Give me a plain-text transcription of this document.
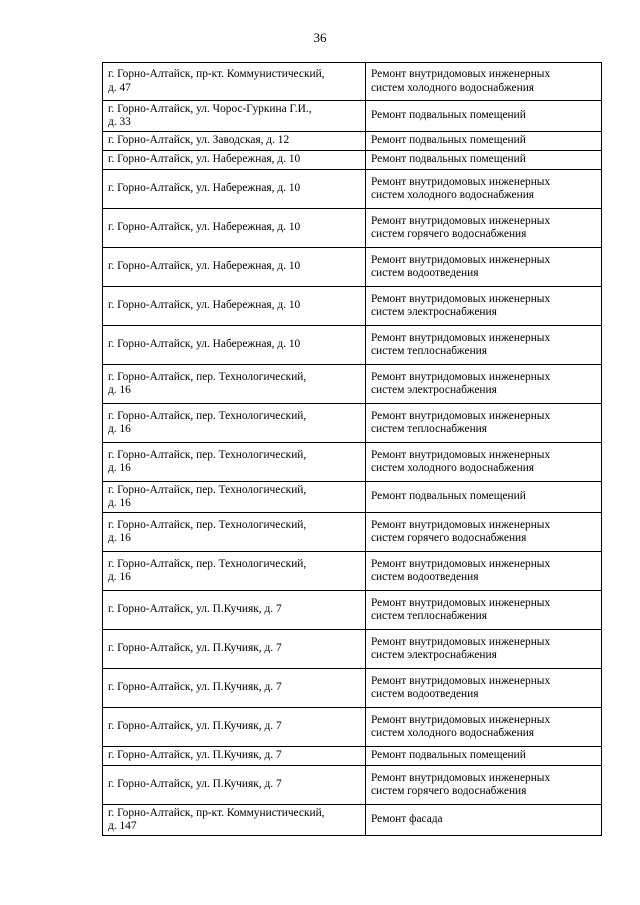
36
г. Горно-Алтайск, пр-кт. Коммунистический,
д. 47	Ремонт внутридомовых инженерных
систем холодного водоснабжения
г. Горно-Алтайск, ул. Чорос-Гуркина Г.И.,
д. 33	Ремонт подвальных помещений
г. Горно-Алтайск, ул. Заводская, д. 12	Ремонт подвальных помещений
г. Горно-Алтайск, ул. Набережная, д. 10	Ремонт подвальных помещений
г. Горно-Алтайск, ул. Набережная, д. 10	Ремонт внутридомовых инженерных
систем холодного водоснабжения
г. Горно-Алтайск, ул. Набережная, д. 10	Ремонт внутридомовых инженерных
систем горячего водоснабжения
г. Горно-Алтайск, ул. Набережная, д. 10	Ремонт внутридомовых инженерных
систем водоотведения
г. Горно-Алтайск, ул. Набережная, д. 10	Ремонт внутридомовых инженерных
систем электроснабжения
г. Горно-Алтайск, ул. Набережная, д. 10	Ремонт внутридомовых инженерных
систем теплоснабжения
г. Горно-Алтайск, пер. Технологический,
д. 16	Ремонт внутридомовых инженерных
систем электроснабжения
г. Горно-Алтайск, пер. Технологический,
д. 16	Ремонт внутридомовых инженерных
систем теплоснабжения
г. Горно-Алтайск, пер. Технологический,
д. 16	Ремонт внутридомовых инженерных
систем холодного водоснабжения
г. Горно-Алтайск, пер. Технологический,
д. 16	Ремонт подвальных помещений
г. Горно-Алтайск, пер. Технологический,
д. 16	Ремонт внутридомовых инженерных
систем горячего водоснабжения
г. Горно-Алтайск, пер. Технологический,
д. 16	Ремонт внутридомовых инженерных
систем водоотведения
г. Горно-Алтайск, ул. П.Кучияк, д. 7	Ремонт внутридомовых инженерных
систем теплоснабжения
г. Горно-Алтайск, ул. П.Кучияк, д. 7	Ремонт внутридомовых инженерных
систем электроснабжения
г. Горно-Алтайск, ул. П.Кучияк, д. 7	Ремонт внутридомовых инженерных
систем водоотведения
г. Горно-Алтайск, ул. П.Кучияк, д. 7	Ремонт внутридомовых инженерных
систем холодного водоснабжения
г. Горно-Алтайск, ул. П.Кучияк, д. 7	Ремонт подвальных помещений
г. Горно-Алтайск, ул. П.Кучияк, д. 7	Ремонт внутридомовых инженерных
систем горячего водоснабжения
г. Горно-Алтайск, пр-кт. Коммунистический,
д. 147	Ремонт фасада
